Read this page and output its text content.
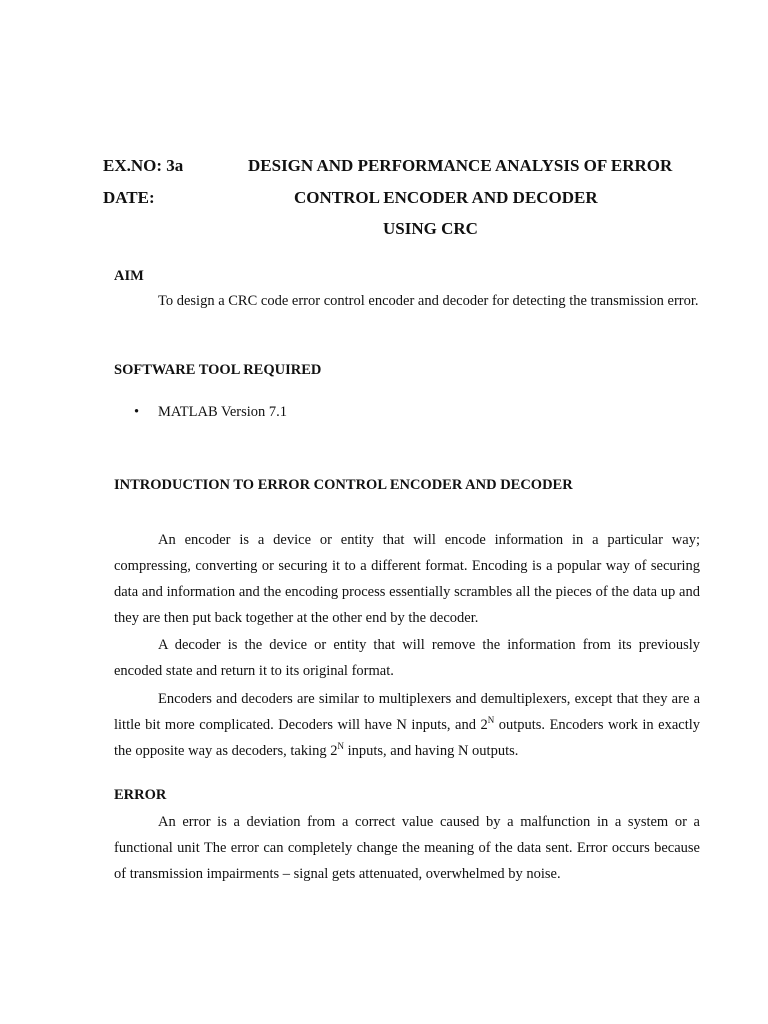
EX.NO: 3a
DATE:
DESIGN AND PERFORMANCE ANALYSIS OF ERROR
CONTROL ENCODER AND DECODER
USING CRC
AIM

To design a CRC code error control encoder and decoder for detecting the transmission error.

SOFTWARE TOOL REQUIRED
• MATLAB Version 7.1
INTRODUCTION TO ERROR CONTROL ENCODER AND DECODER

An encoder is a device or entity that will encode information in a particular way; compressing, converting or securing it to a different format. Encoding is a popular way of securing data and information and the encoding process essentially scrambles all the pieces of the data up and they are then put back together at the other end by the decoder.

A decoder is the device or entity that will remove the information from its previously encoded state and return it to its original format.

Encoders and decoders are similar to multiplexers and demultiplexers, except that they are a little bit more complicated. Decoders will have N inputs, and $2^N$ outputs. Encoders work in exactly the opposite way as decoders, taking $2^N$ inputs, and having N outputs.

ERROR

An error is a deviation from a correct value caused by a malfunction in a system or a functional unit The error can completely change the meaning of the data sent. Error occurs because of transmission impairments – signal gets attenuated, overwhelmed by noise.
